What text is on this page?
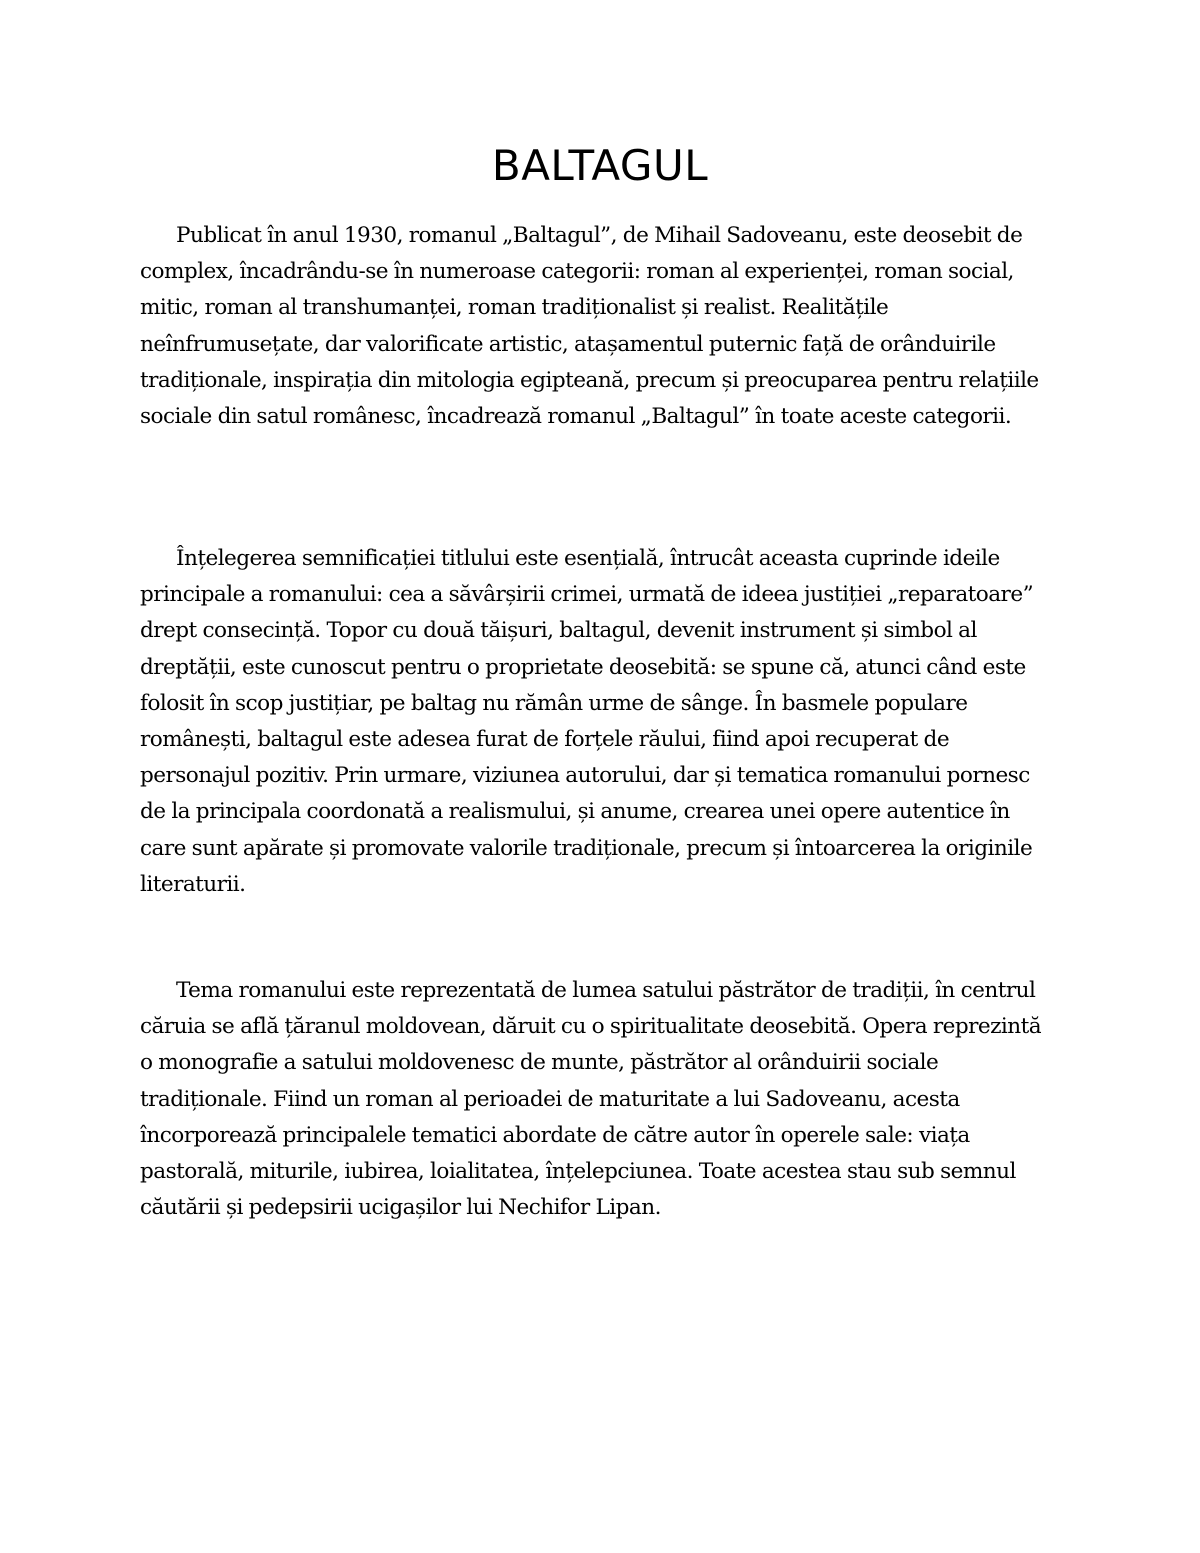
BALTAGUL

Publicat în anul 1930, romanul „Baltagul”, de Mihail Sadoveanu, este deosebit de complex, încadrându-se în numeroase categorii: roman al experienței, roman social, mitic, roman al transhumanței, roman tradiționalist și realist. Realitățile neînfrumusețate, dar valorificate artistic, atașamentul puternic față de orânduirile tradiționale, inspirația din mitologia egipteană, precum și preocuparea pentru relațiile sociale din satul românesc, încadrează romanul „Baltagul” în toate aceste categorii.

Înțelegerea semnificației titlului este esențială, întrucât aceasta cuprinde ideile principale a romanului: cea a săvârșirii crimei, urmată de ideea justiției „reparatoare” drept consecință. Topor cu două tăișuri, baltagul, devenit instrument și simbol al dreptății, este cunoscut pentru o proprietate deosebită: se spune că, atunci când este folosit în scop justițiar, pe baltag nu rămân urme de sânge. În basmele populare românești, baltagul este adesea furat de forțele răului, fiind apoi recuperat de personajul pozitiv. Prin urmare, viziunea autorului, dar și tematica romanului pornesc de la principala coordonată a realismului, și anume, crearea unei opere autentice în care sunt apărate și promovate valorile tradiționale, precum și întoarcerea la originile literaturii.

Tema romanului este reprezentată de lumea satului păstrător de tradiții, în centrul căruia se află țăranul moldovean, dăruit cu o spiritualitate deosebită. Opera reprezintă o monografie a satului moldovenesc de munte, păstrător al orânduirii sociale tradiționale. Fiind un roman al perioadei de maturitate a lui Sadoveanu, acesta încorporează principalele tematici abordate de către autor în operele sale: viața pastorală, miturile, iubirea, loialitatea, înțelepciunea. Toate acestea stau sub semnul căutării și pedepsirii ucigașilor lui Nechifor Lipan.
